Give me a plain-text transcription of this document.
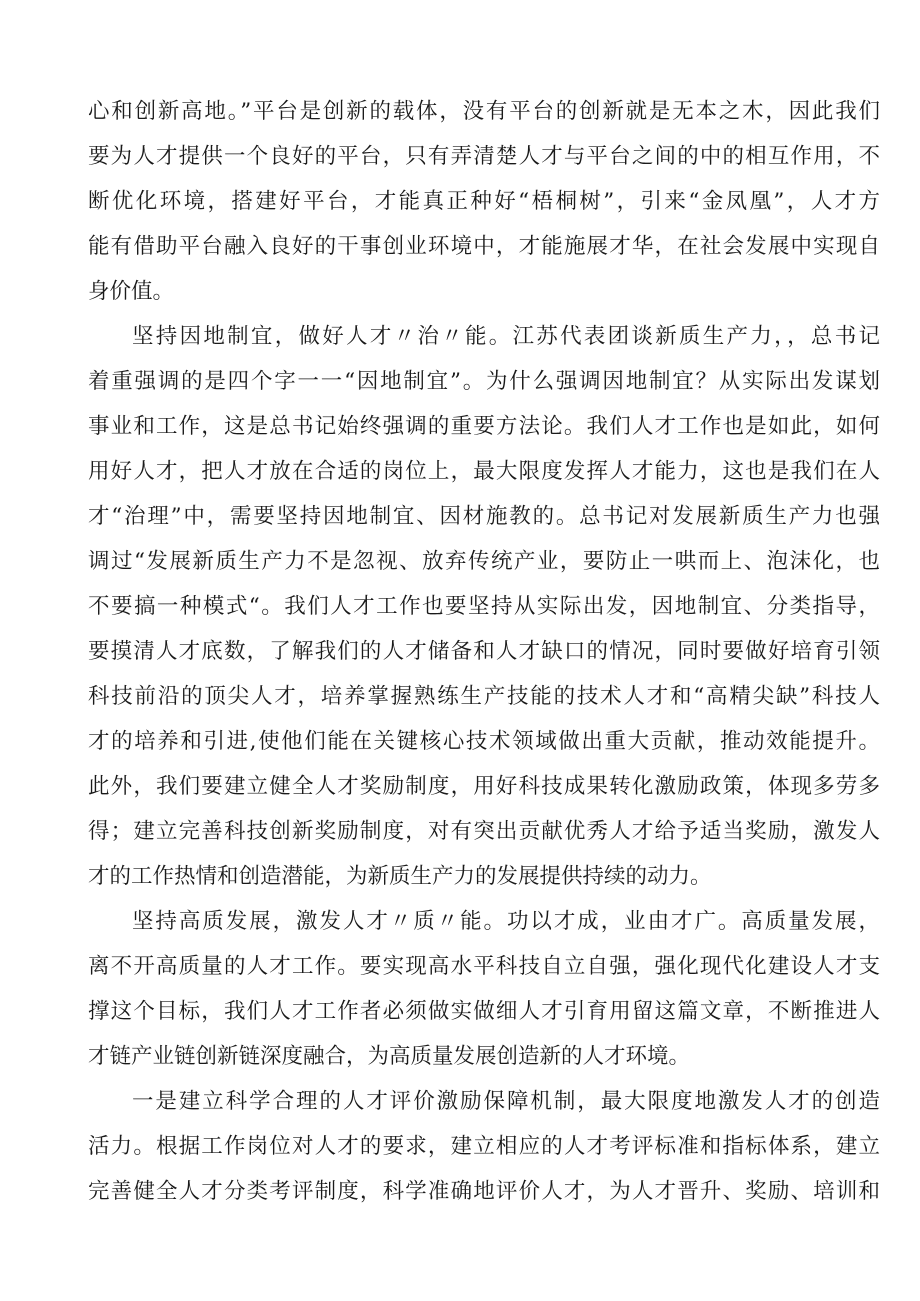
心和创新高地。”平台是创新的载体，没有平台的创新就是无本之木，因此我们
要为人才提供一个良好的平台，只有弄清楚人才与平台之间的中的相互作用，不
断优化环境，搭建好平台，才能真正种好“梧桐树”，引来“金凤凰”，人才方
能有借助平台融入良好的干事创业环境中，才能施展才华，在社会发展中实现自
身价值。
坚持因地制宜，做好人才〃治〃能。江苏代表团谈新质生产力，，总书记
着重强调的是四个字一一“因地制宜”。为什么强调因地制宜？从实际出发谋划
事业和工作，这是总书记始终强调的重要方法论。我们人才工作也是如此，如何
用好人才，把人才放在合适的岗位上，最大限度发挥人才能力，这也是我们在人
才“治理”中，需要坚持因地制宜、因材施教的。总书记对发展新质生产力也强
调过“发展新质生产力不是忽视、放弃传统产业，要防止一哄而上、泡沫化，也
不要搞一种模式“。我们人才工作也要坚持从实际出发，因地制宜、分类指导，
要摸清人才底数，了解我们的人才储备和人才缺口的情况，同时要做好培育引领
科技前沿的顶尖人才，培养掌握熟练生产技能的技术人才和“高精尖缺”科技人
才的培养和引进,使他们能在关键核心技术领域做出重大贡献，推动效能提升。
此外，我们要建立健全人才奖励制度，用好科技成果转化激励政策，体现多劳多
得；建立完善科技创新奖励制度，对有突出贡献优秀人才给予适当奖励，激发人
才的工作热情和创造潜能，为新质生产力的发展提供持续的动力。
坚持高质发展，激发人才〃质〃能。功以才成，业由才广。高质量发展，
离不开高质量的人才工作。要实现高水平科技自立自强，强化现代化建设人才支
撑这个目标，我们人才工作者必须做实做细人才引育用留这篇文章，不断推进人
才链产业链创新链深度融合，为高质量发展创造新的人才环境。
一是建立科学合理的人才评价激励保障机制，最大限度地激发人才的创造
活力。根据工作岗位对人才的要求，建立相应的人才考评标准和指标体系，建立
完善健全人才分类考评制度，科学准确地评价人才，为人才晋升、奖励、培训和
